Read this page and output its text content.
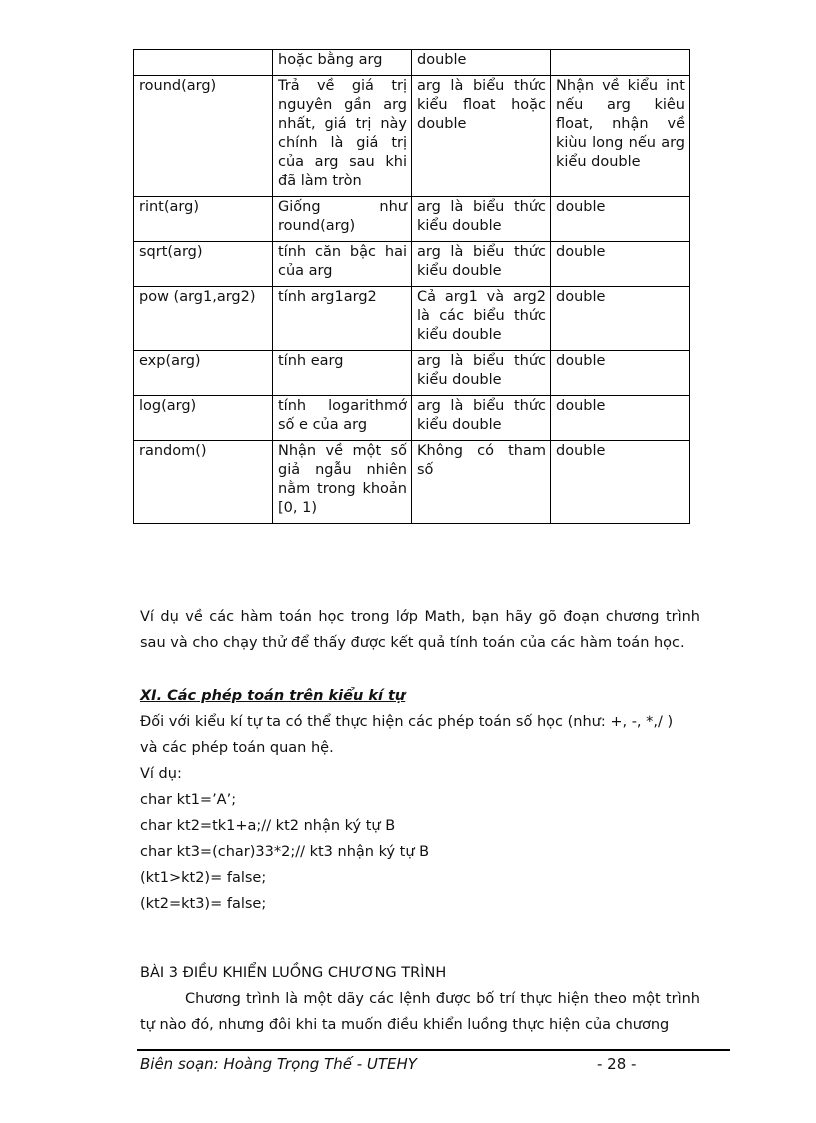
	hoặc bằng arg	double	
round(arg)	Trả về giá trị nguyên gần arg nhất, giá trị này chính là giá trị của arg sau khi đã làm tròn	arg là biểu thức kiểu float hoặc double	Nhận về kiểu int nếu arg kiêu float, nhận về kiùu long nếu arg kiểu double
rint(arg)	Giống như round(arg)	arg là biểu thức kiểu double	double
sqrt(arg)	tính căn bậc hai của arg	arg là biểu thức kiểu double	double
pow (arg1,arg2)	tính arg1arg2	Cả arg1 và arg2 là các biểu thức kiểu double	double
exp(arg)	tính earg	arg là biểu thức kiểu double	double
log(arg)	tính logarithmớ số e của arg	arg là biểu thức kiểu double	double
random()	Nhận về một số giả ngẫu nhiên nằm trong khoản [0, 1)	Không có tham số	double
Ví dụ về các hàm toán học trong lớp Math, bạn hãy gõ đoạn chương trình sau và cho chạy thử để thấy được kết quả tính toán của các hàm toán học.
XI. Các phép toán trên kiểu kí tự
Đối với kiểu kí tự ta có thể thực hiện các phép toán số học (như: +, -, *,/ )
và các phép toán quan hệ.
Ví dụ:
char kt1=’A’;
char kt2=tk1+a;// kt2 nhận ký tự B
char kt3=(char)33*2;// kt3 nhận ký tự B
(kt1>kt2)= false;
(kt2=kt3)= false;
BÀI 3 ĐIỀU KHIỂN LUỒNG CHƯƠNG TRÌNH
Chương trình là một dãy các lệnh được bố trí thực hiện theo một trình tự nào đó, nhưng đôi khi ta muốn điều khiển luồng thực hiện của chương
Biên soạn: Hoàng Trọng Thế - UTEHY	- 28 -
